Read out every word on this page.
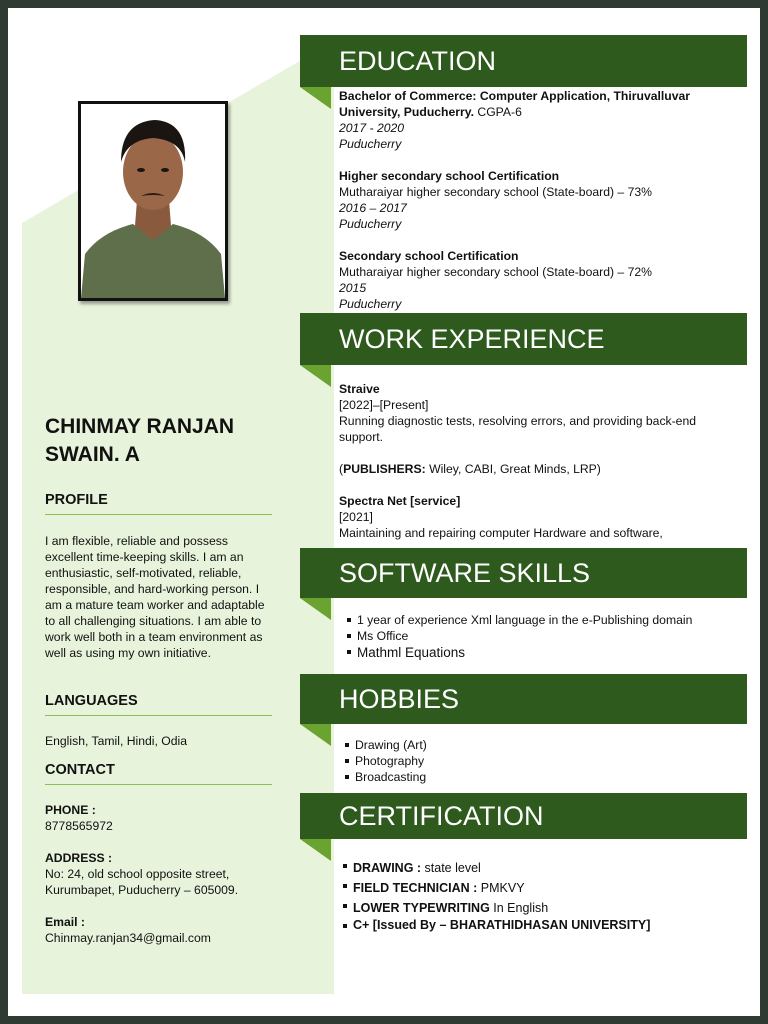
CHINMAY RANJAN SWAIN. A
PROFILE
I am flexible, reliable and possess excellent time-keeping skills. I am an enthusiastic, self-motivated, reliable, responsible, and hard-working person. I am a mature team worker and adaptable to all challenging situations. I am able to work well both in a team environment as well as using my own initiative.
LANGUAGES
English, Tamil, Hindi, Odia
CONTACT
PHONE :
8778565972
ADDRESS :
No: 24, old school opposite street, Kurumbapet, Puducherry – 605009.
Email :
Chinmay.ranjan34@gmail.com
EDUCATION
Bachelor of Commerce: Computer Application, Thiruvalluvar University, Puducherry. CGPA-6
2017 - 2020
Puducherry
Higher secondary school Certification
Mutharaiyar higher secondary school (State-board) – 73%
2016 – 2017
Puducherry
Secondary school Certification
Mutharaiyar higher secondary school (State-board) – 72%
2015
Puducherry
WORK EXPERIENCE
Straive
[2022]–[Present]
Running diagnostic tests, resolving errors, and providing back-end support.
(PUBLISHERS: Wiley, CABI, Great Minds, LRP)
Spectra Net [service]
[2021]
Maintaining and repairing computer Hardware and software,
SOFTWARE SKILLS
1 year of experience Xml language in the e-Publishing domain
Ms Office
Mathml Equations
HOBBIES
Drawing (Art)
Photography
Broadcasting
CERTIFICATION
DRAWING : state level
FIELD TECHNICIAN : PMKVY
LOWER TYPEWRITING In English
C+ [Issued By – BHARATHIDHASAN UNIVERSITY]
